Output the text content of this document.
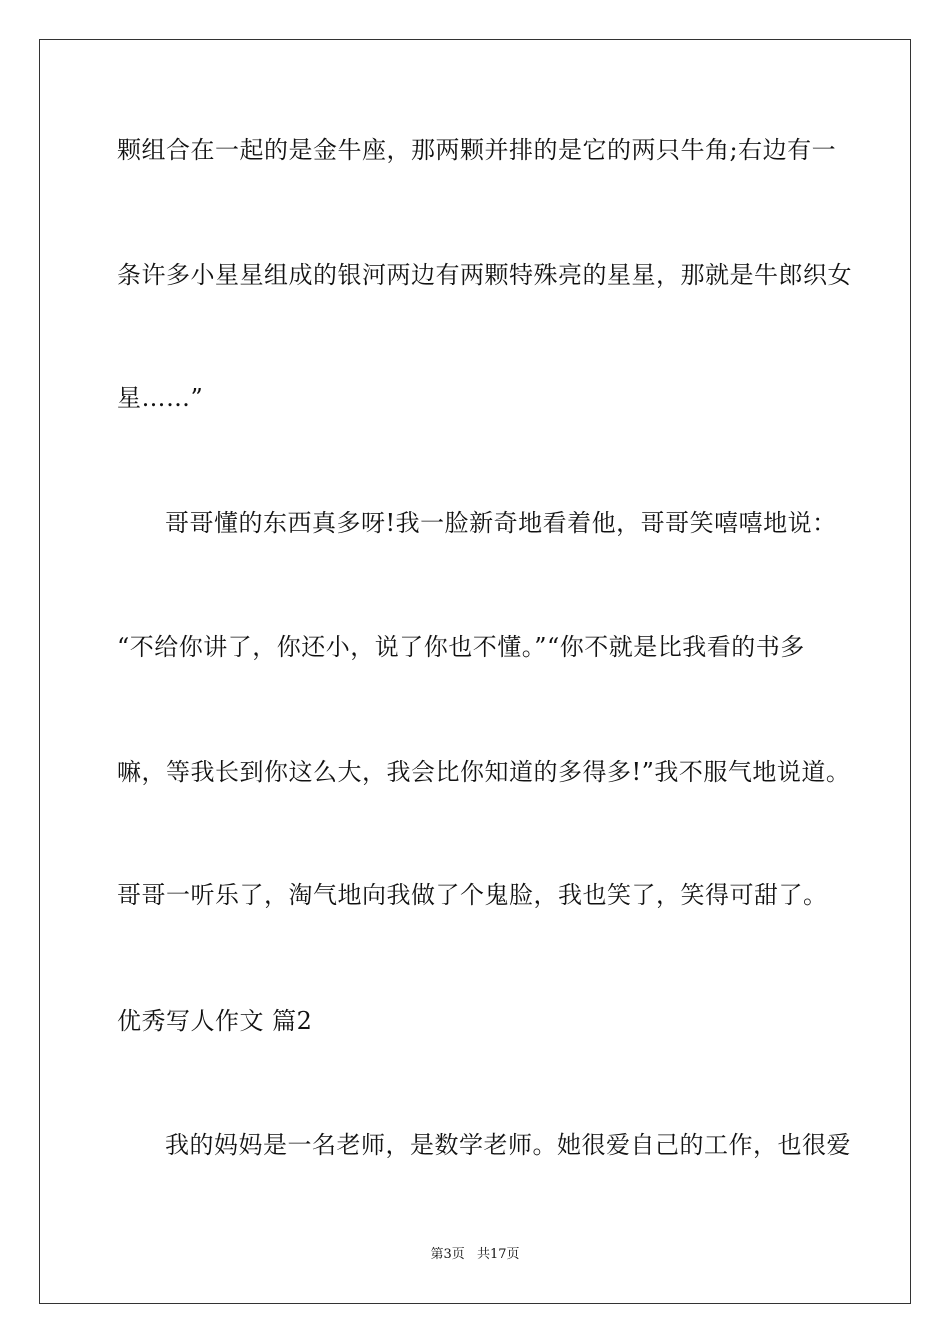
颗组合在一起的是金牛座，那两颗并排的是它的两只牛角;右边有一
条许多小星星组成的银河两边有两颗特殊亮的星星，那就是牛郎织女
星……”
哥哥懂的东西真多呀!我一脸新奇地看着他，哥哥笑嘻嘻地说：
“不给你讲了，你还小，说了你也不懂。”“你不就是比我看的书多
嘛，等我长到你这么大，我会比你知道的多得多!”我不服气地说道。
哥哥一听乐了，淘气地向我做了个鬼脸，我也笑了，笑得可甜了。
优秀写人作文 篇2
我的妈妈是一名老师，是数学老师。她很爱自己的工作，也很爱
第3页 共17页
